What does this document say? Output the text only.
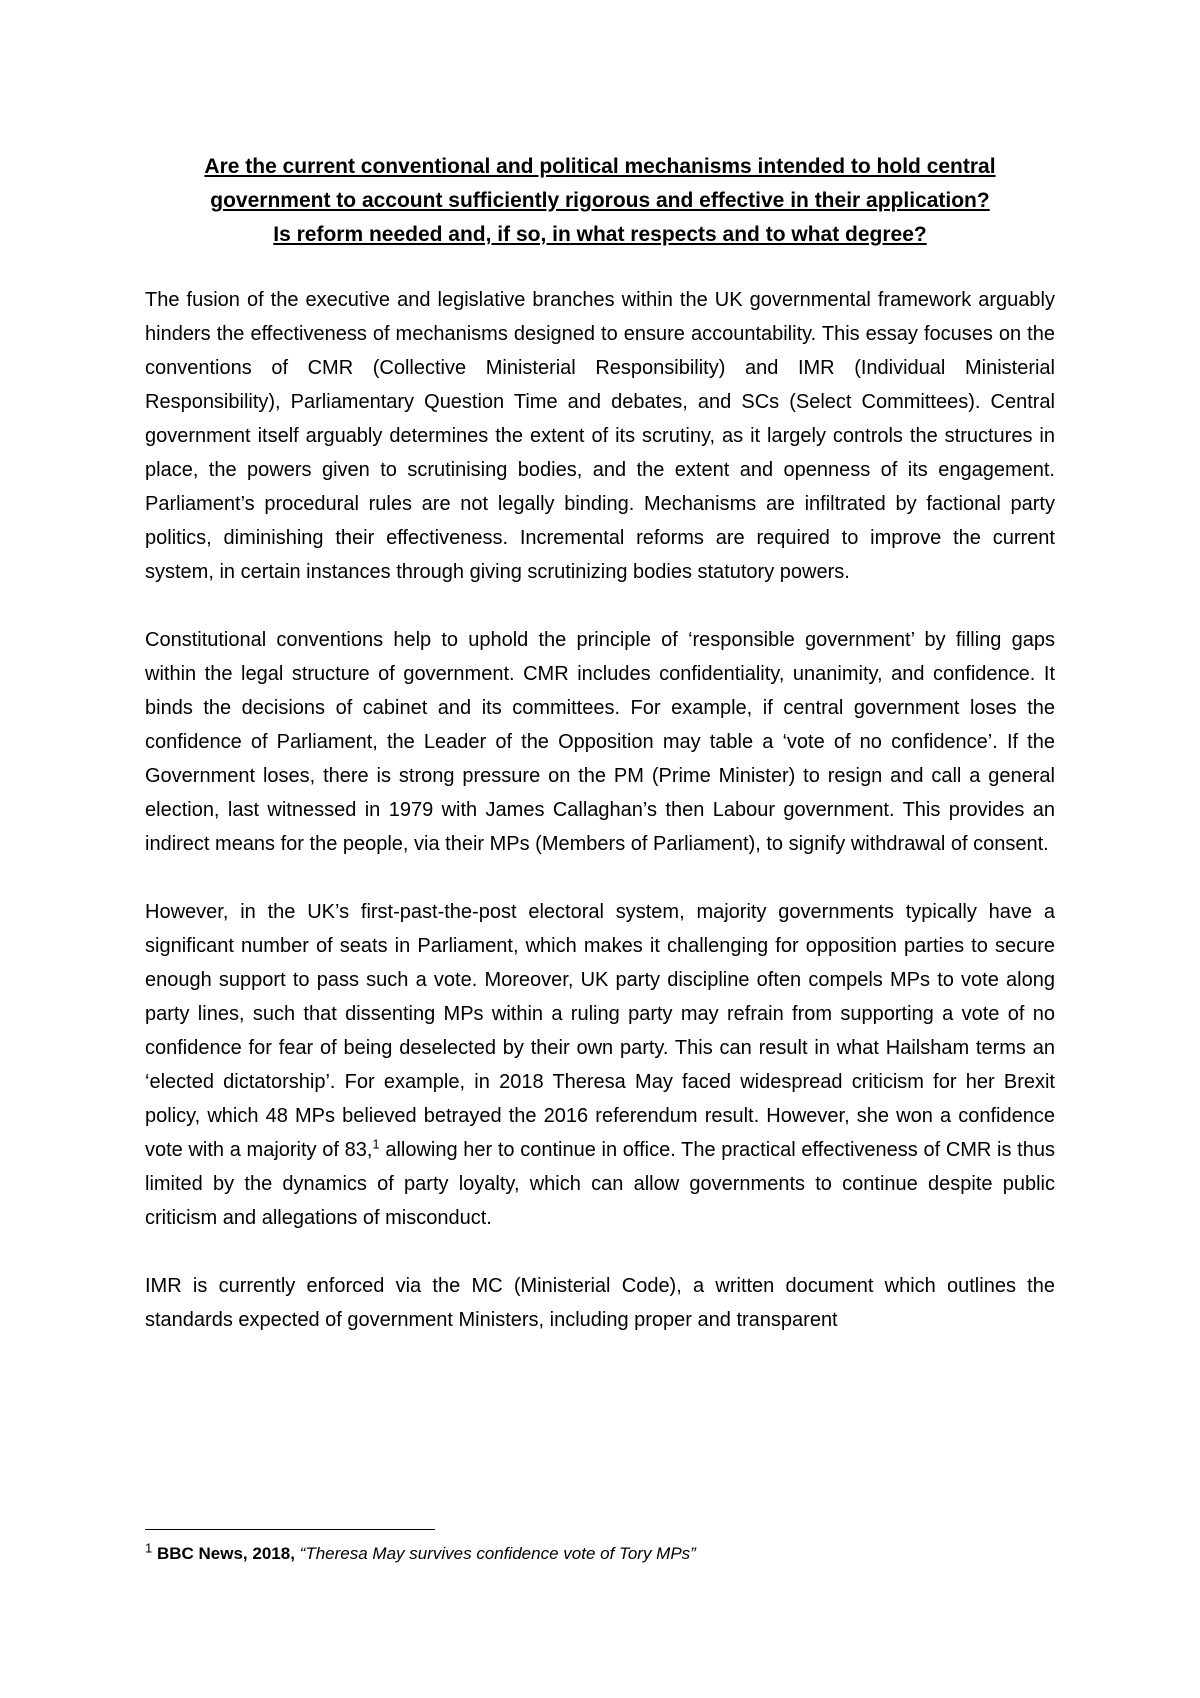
Are the current conventional and political mechanisms intended to hold central
government to account sufficiently rigorous and effective in their application?
Is reform needed and, if so, in what respects and to what degree?

The fusion of the executive and legislative branches within the UK governmental framework arguably hinders the effectiveness of mechanisms designed to ensure accountability. This essay focuses on the conventions of CMR (Collective Ministerial Responsibility) and IMR (Individual Ministerial Responsibility), Parliamentary Question Time and debates, and SCs (Select Committees). Central government itself arguably determines the extent of its scrutiny, as it largely controls the structures in place, the powers given to scrutinising bodies, and the extent and openness of its engagement. Parliament’s procedural rules are not legally binding. Mechanisms are infiltrated by factional party politics, diminishing their effectiveness. Incremental reforms are required to improve the current system, in certain instances through giving scrutinizing bodies statutory powers.

Constitutional conventions help to uphold the principle of ‘responsible government’ by filling gaps within the legal structure of government. CMR includes confidentiality, unanimity, and confidence. It binds the decisions of cabinet and its committees. For example, if central government loses the confidence of Parliament, the Leader of the Opposition may table a ‘vote of no confidence’. If the Government loses, there is strong pressure on the PM (Prime Minister) to resign and call a general election, last witnessed in 1979 with James Callaghan’s then Labour government. This provides an indirect means for the people, via their MPs (Members of Parliament), to signify withdrawal of consent.

However, in the UK’s first-past-the-post electoral system, majority governments typically have a significant number of seats in Parliament, which makes it challenging for opposition parties to secure enough support to pass such a vote. Moreover, UK party discipline often compels MPs to vote along party lines, such that dissenting MPs within a ruling party may refrain from supporting a vote of no confidence for fear of being deselected by their own party. This can result in what Hailsham terms an ‘elected dictatorship’. For example, in 2018 Theresa May faced widespread criticism for her Brexit policy, which 48 MPs believed betrayed the 2016 referendum result. However, she won a confidence vote with a majority of 83,$^1$ allowing her to continue in office. The practical effectiveness of CMR is thus limited by the dynamics of party loyalty, which can allow governments to continue despite public criticism and allegations of misconduct.

IMR is currently enforced via the MC (Ministerial Code), a written document which outlines the standards expected of government Ministers, including proper and transparent

$^1$ BBC News, 2018, “Theresa May survives confidence vote of Tory MPs”
